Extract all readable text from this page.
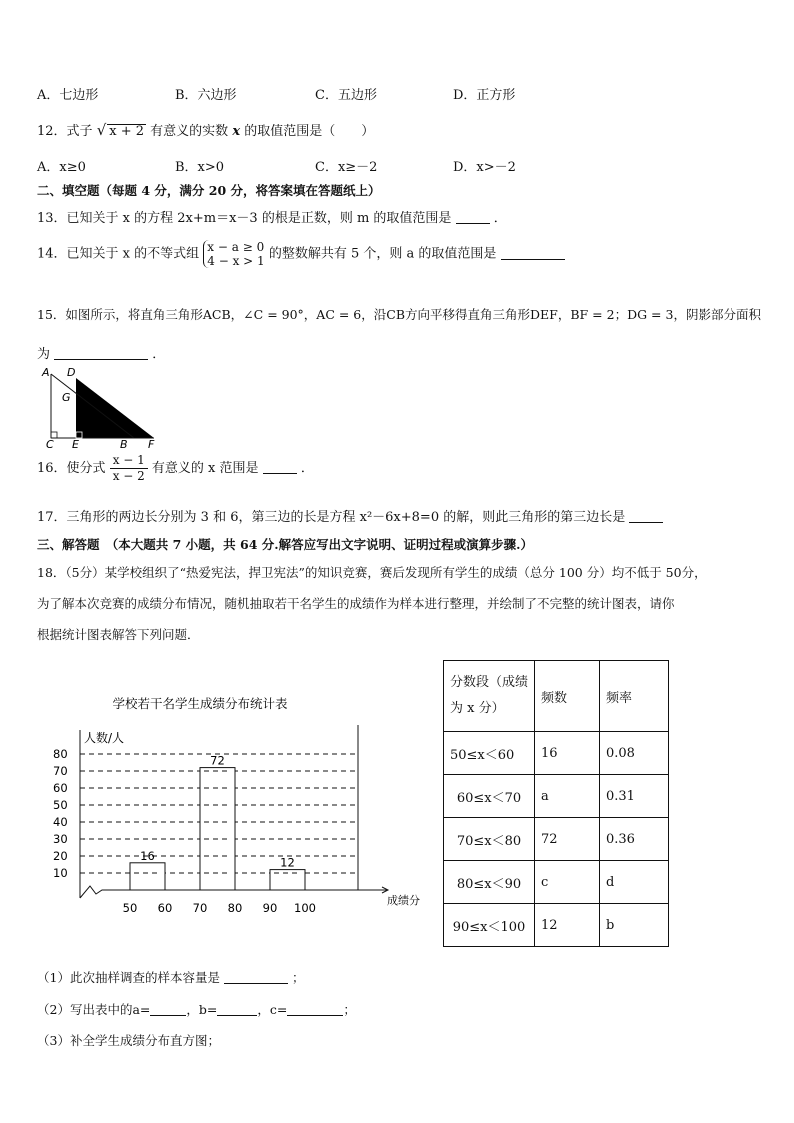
A．七边形	B．六边形	C．五边形	D．正方形
12．式子 √ x + 2 有意义的实数 x 的取值范围是（　　）
A．x≥0	B．x>0	C．x≥－2	D．x>－2
二、填空题（每题 4 分，满分 20 分，将答案填在答题纸上）
13．已知关于 x 的方程 2x+m＝x－3 的根是正数，则 m 的取值范围是	．
14．已知关于 x 的不等式组 x − a ≥ 0
4 − x > 1 的整数解共有 5 个，则 a 的取值范围是
15．如图所示，将直角三角形ACB，∠C = 90°，AC = 6，沿CB方向平移得直角三角形DEF，BF = 2；DG = 3，阴影部分面积
为	．
A D
G
C E	B F
16．使分式 $\frac{x - 1}{x - 2}$ 有意义的 x 范围是	．
17．三角形的两边长分别为 3 和 6，第三边的长是方程 x²－6x+8=0 的解，则此三角形的第三边长是
三、解答题　（本大题共 7 小题，共 64 分.解答应写出文字说明、证明过程或演算步骤.）
18．（5分）某学校组织了“热爱宪法，捍卫宪法”的知识竞赛，赛后发现所有学生的成绩（总分 100 分）均不低于 50分，
为了解本次竞赛的成绩分布情况，随机抽取若干名学生的成绩作为样本进行整理，并绘制了不完整的统计图表，请你
根据统计图表解答下列问题．
学校若干名学生成绩分布统计表
人数/人
成绩分
10
20
30
40
50
60
70
80
50 60 70 80 90 100
16
72
12
分数段（成绩为 x 分）	频数	频率
50≤x＜60	16	0.08
60≤x＜70	a	0.31
70≤x＜80	72	0.36
80≤x＜90	c	d
90≤x＜100	12	b
（1）此次抽样调查的样本容量是	；
（2）写出表中的a=	，b=	，c=	；
（3）补全学生成绩分布直方图；
